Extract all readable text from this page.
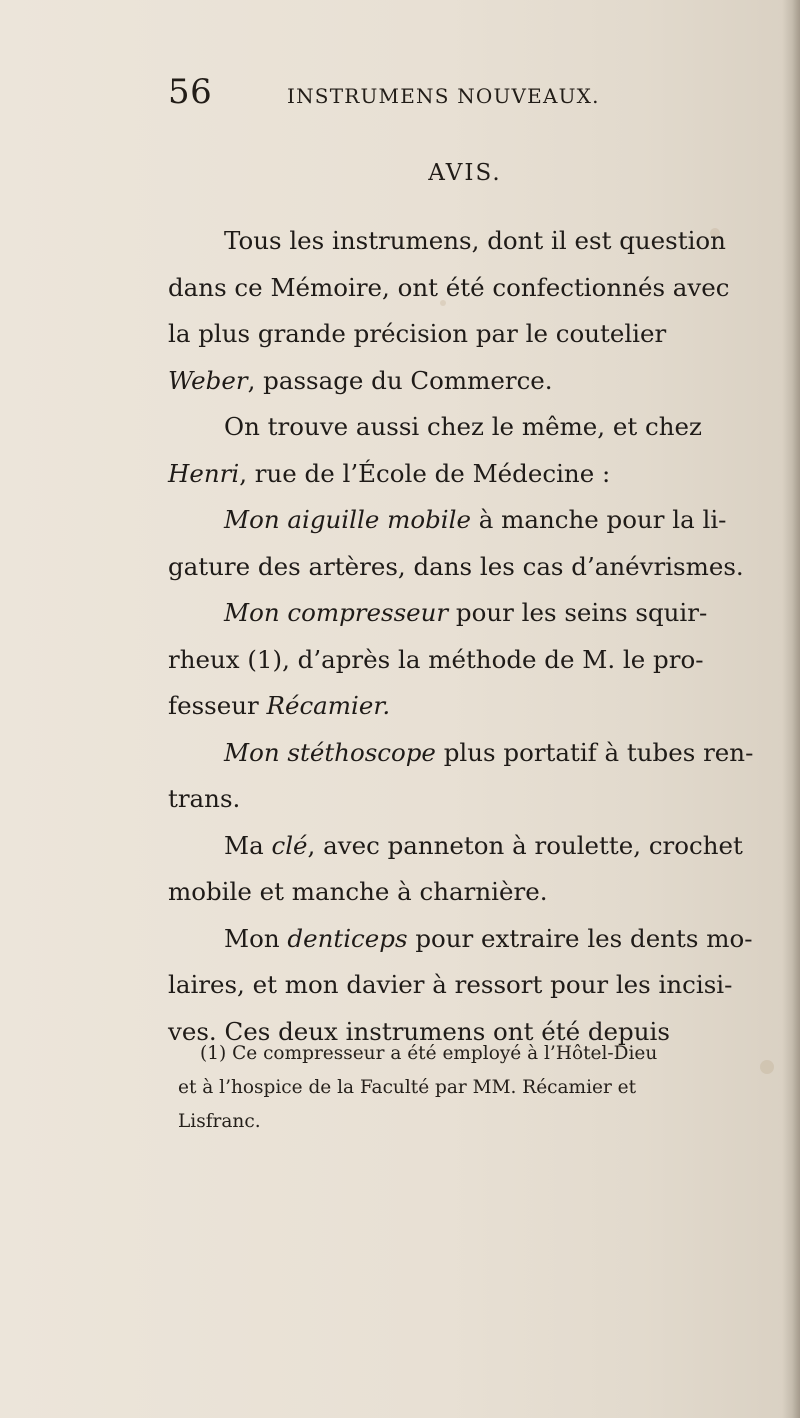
56	INSTRUMENS NOUVEAUX.
AVIS.
Tous les instrumens, dont il est question
dans ce Mémoire, ont été confectionnés avec
la plus grande précision par le coutelier
Weber, passage du Commerce.
On trouve aussi chez le même, et chez
Henri, rue de l’École de Médecine :
Mon aiguille mobile à manche pour la li-
gature des artères, dans les cas d’anévrismes.
Mon compresseur pour les seins squir-
rheux (1), d’après la méthode de M. le pro-
fesseur Récamier.
Mon stéthoscope plus portatif à tubes ren-
trans.
Ma clé, avec panneton à roulette, crochet
mobile et manche à charnière.
Mon denticeps pour extraire les dents mo-
laires, et mon davier à ressort pour les incisi-
ves. Ces deux instrumens ont été depuis
(1) Ce compresseur a été employé à l’Hôtel-Dieu
et à l’hospice de la Faculté par MM. Récamier et
Lisfranc.
